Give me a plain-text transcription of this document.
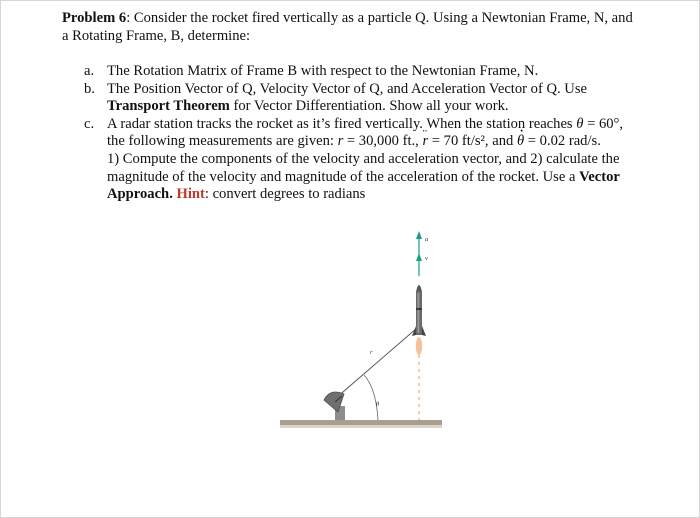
Problem 6: Consider the rocket fired vertically as a particle Q. Using a Newtonian Frame, N, and
a Rotating Frame, B, determine:
a. The Rotation Matrix of Frame B with respect to the Newtonian Frame, N.
b. The Position Vector of Q, Velocity Vector of Q, and Acceleration Vector of Q. Use
Transport Theorem for Vector Differentiation. Show all your work.
c. A radar station tracks the rocket as it’s fired vertically. When the station reaches θ = 60°,
the following measurements are given: r = 30,000 ft., r ¨ = 70 ft/s², and θ · = 0.02 rad/s.
1) Compute the components of the velocity and acceleration vector, and 2) calculate the
magnitude of the velocity and magnitude of the acceleration of the rocket. Use a Vector
Approach. Hint: convert degrees to radians
a
v
r
θ
